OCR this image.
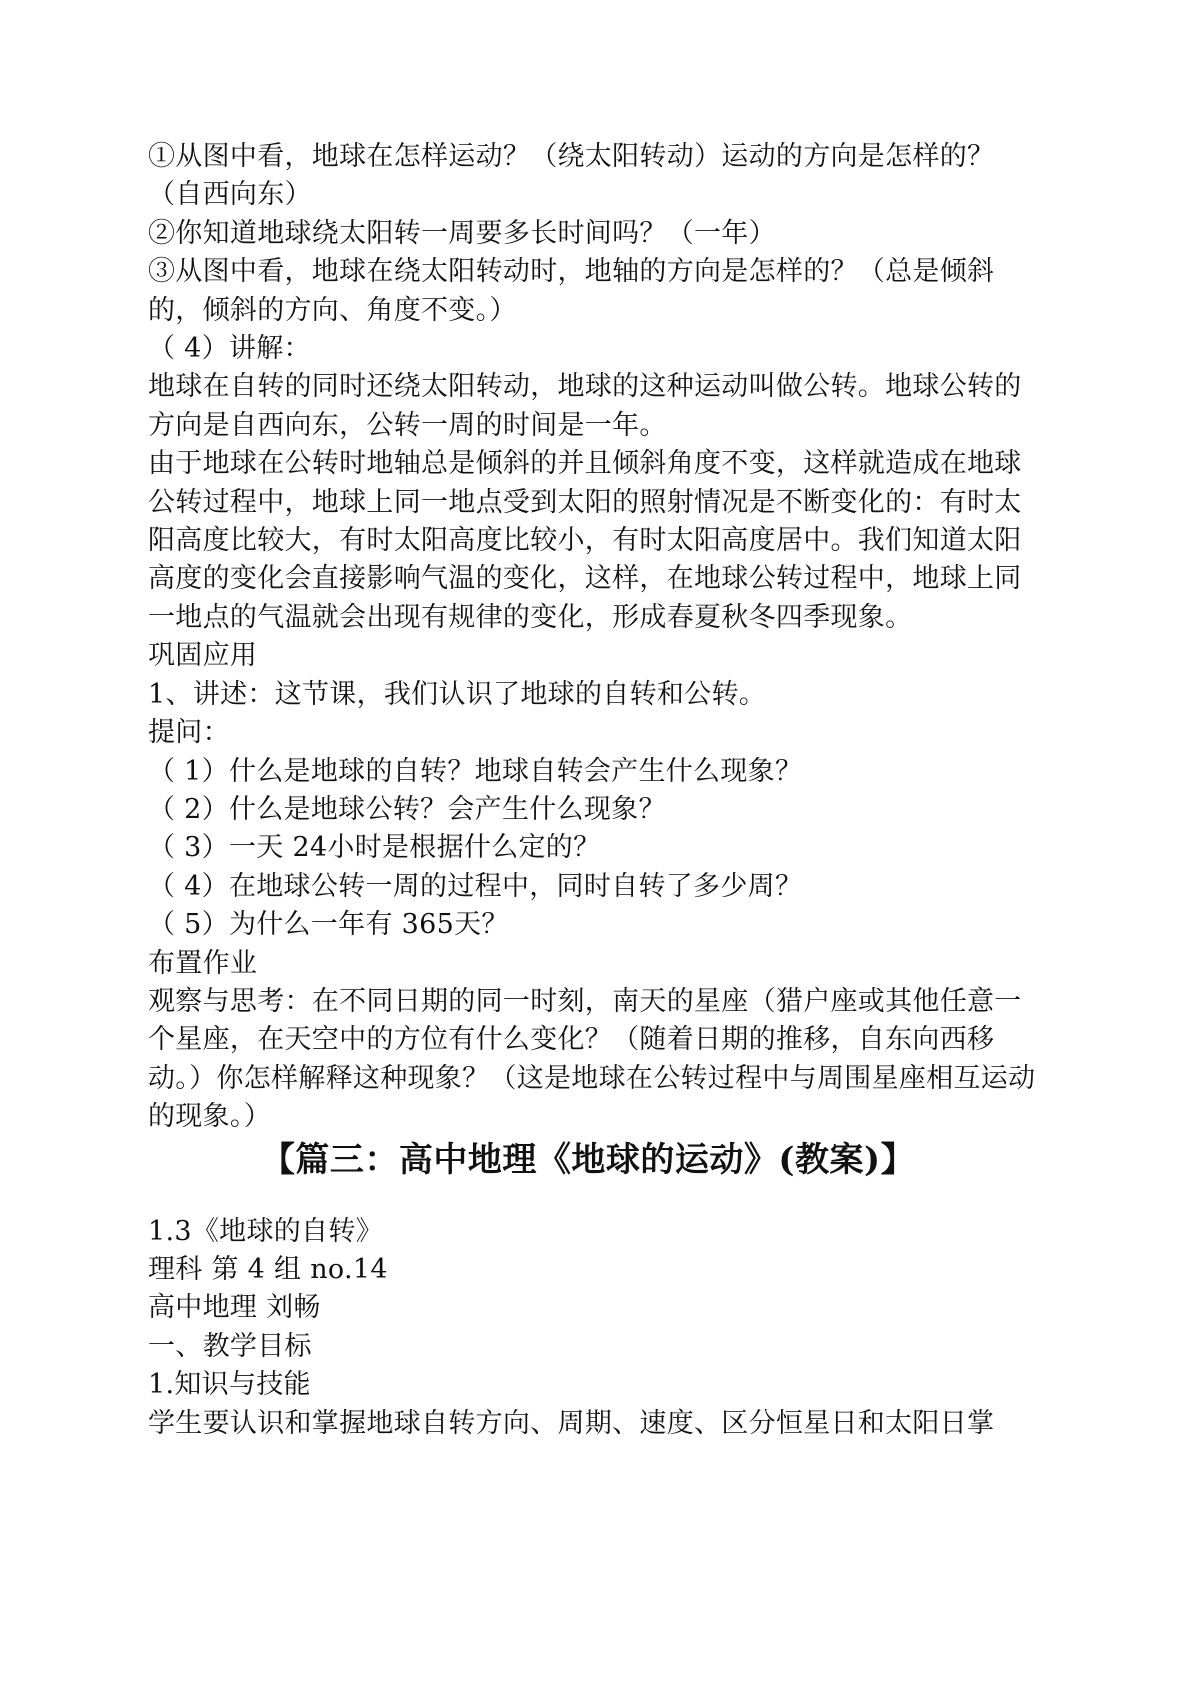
①从图中看，地球在怎样运动？（绕太阳转动）运动的方向是怎样的？（自西向东）

②你知道地球绕太阳转一周要多长时间吗？（一年）

③从图中看，地球在绕太阳转动时，地轴的方向是怎样的？（总是倾斜的，倾斜的方向、角度不变。）

（ 4）讲解：

地球在自转的同时还绕太阳转动，地球的这种运动叫做公转。地球公转的方向是自西向东，公转一周的时间是一年。

由于地球在公转时地轴总是倾斜的并且倾斜角度不变，这样就造成在地球公转过程中，地球上同一地点受到太阳的照射情况是不断变化的：有时太阳高度比较大，有时太阳高度比较小，有时太阳高度居中。我们知道太阳高度的变化会直接影响气温的变化，这样，在地球公转过程中，地球上同一地点的气温就会出现有规律的变化，形成春夏秋冬四季现象。

巩固应用

1、讲述：这节课，我们认识了地球的自转和公转。

提问：

（ 1）什么是地球的自转？地球自转会产生什么现象？

（ 2）什么是地球公转？会产生什么现象？

（ 3）一天 24小时是根据什么定的？

（ 4）在地球公转一周的过程中，同时自转了多少周？

（ 5）为什么一年有 365天？

布置作业

观察与思考：在不同日期的同一时刻，南天的星座（猎户座或其他任意一个星座，在天空中的方位有什么变化？（随着日期的推移，自东向西移动。）你怎样解释这种现象？（这是地球在公转过程中与周围星座相互运动的现象。）

【篇三：高中地理《地球的运动》(教案)】

1.3《地球的自转》

理科 第 4 组 no.14

高中地理 刘畅

一、教学目标

1.知识与技能

学生要认识和掌握地球自转方向、周期、速度、区分恒星日和太阳日掌
